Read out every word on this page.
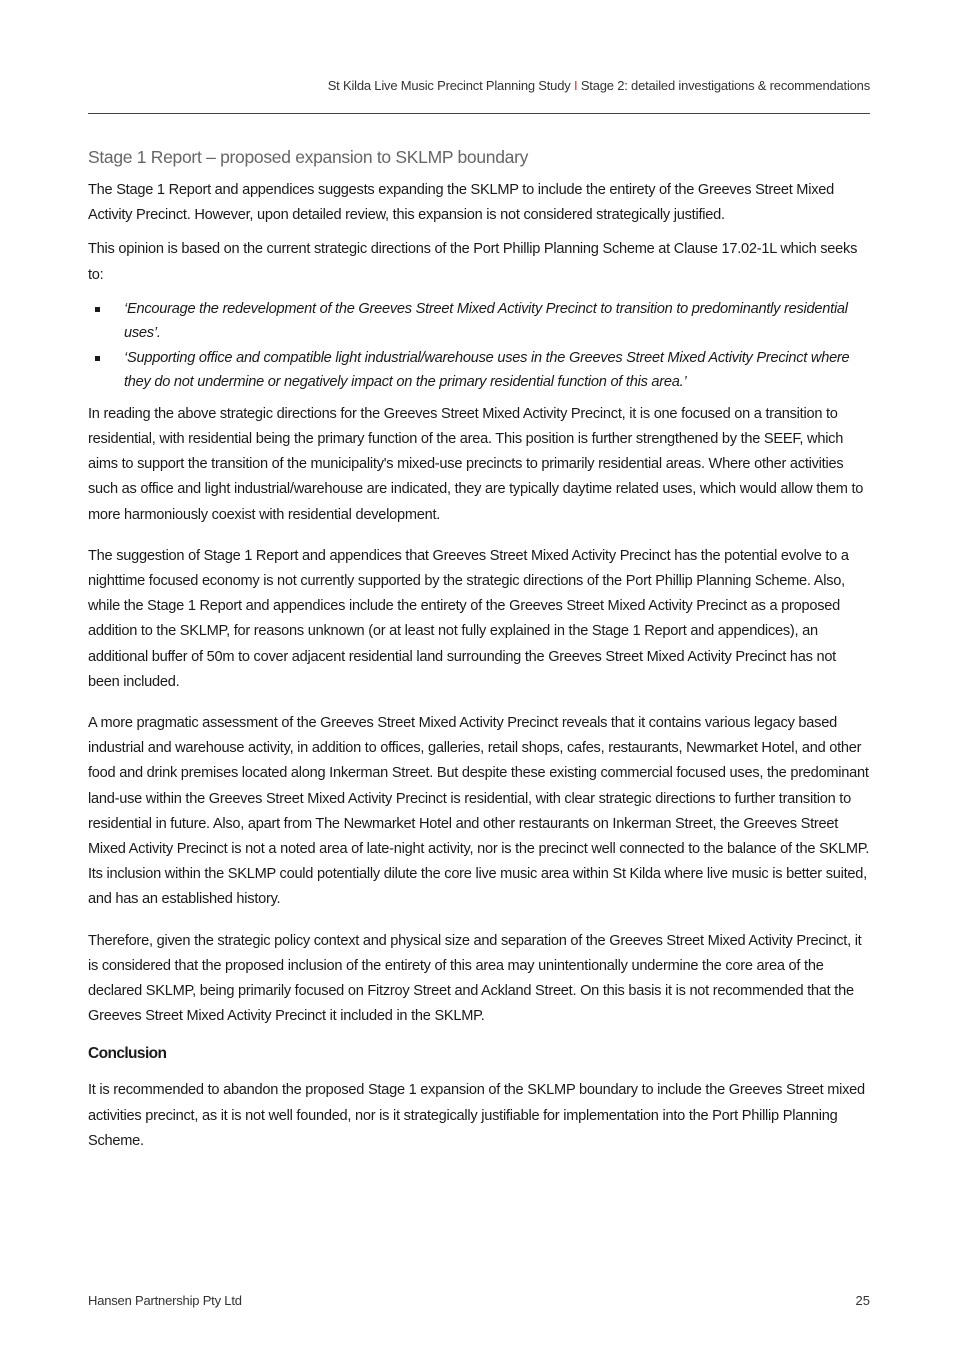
St Kilda Live Music Precinct Planning Study I Stage 2: detailed investigations & recommendations
Stage 1 Report – proposed expansion to SKLMP boundary

The Stage 1 Report and appendices suggests expanding the SKLMP to include the entirety of the Greeves Street Mixed Activity Precinct. However, upon detailed review, this expansion is not considered strategically justified.

This opinion is based on the current strategic directions of the Port Phillip Planning Scheme at Clause 17.02-1L which seeks to:

‘Encourage the redevelopment of the Greeves Street Mixed Activity Precinct to transition to predominantly residential uses’.
‘Supporting office and compatible light industrial/warehouse uses in the Greeves Street Mixed Activity Precinct where they do not undermine or negatively impact on the primary residential function of this area.’

In reading the above strategic directions for the Greeves Street Mixed Activity Precinct, it is one focused on a transition to residential, with residential being the primary function of the area. This position is further strengthened by the SEEF, which aims to support the transition of the municipality's mixed-use precincts to primarily residential areas. Where other activities such as office and light industrial/warehouse are indicated, they are typically daytime related uses, which would allow them to more harmoniously coexist with residential development.

The suggestion of Stage 1 Report and appendices that Greeves Street Mixed Activity Precinct has the potential evolve to a nighttime focused economy is not currently supported by the strategic directions of the Port Phillip Planning Scheme. Also, while the Stage 1 Report and appendices include the entirety of the Greeves Street Mixed Activity Precinct as a proposed addition to the SKLMP, for reasons unknown (or at least not fully explained in the Stage 1 Report and appendices), an additional buffer of 50m to cover adjacent residential land surrounding the Greeves Street Mixed Activity Precinct has not been included.

A more pragmatic assessment of the Greeves Street Mixed Activity Precinct reveals that it contains various legacy based industrial and warehouse activity, in addition to offices, galleries, retail shops, cafes, restaurants, Newmarket Hotel, and other food and drink premises located along Inkerman Street. But despite these existing commercial focused uses, the predominant land-use within the Greeves Street Mixed Activity Precinct is residential, with clear strategic directions to further transition to residential in future. Also, apart from The Newmarket Hotel and other restaurants on Inkerman Street, the Greeves Street Mixed Activity Precinct is not a noted area of late-night activity, nor is the precinct well connected to the balance of the SKLMP. Its inclusion within the SKLMP could potentially dilute the core live music area within St Kilda where live music is better suited, and has an established history.

Therefore, given the strategic policy context and physical size and separation of the Greeves Street Mixed Activity Precinct, it is considered that the proposed inclusion of the entirety of this area may unintentionally undermine the core area of the declared SKLMP, being primarily focused on Fitzroy Street and Ackland Street. On this basis it is not recommended that the Greeves Street Mixed Activity Precinct it included in the SKLMP.

Conclusion

It is recommended to abandon the proposed Stage 1 expansion of the SKLMP boundary to include the Greeves Street mixed activities precinct, as it is not well founded, nor is it strategically justifiable for implementation into the Port Phillip Planning Scheme.

Hansen Partnership Pty Ltd	25
